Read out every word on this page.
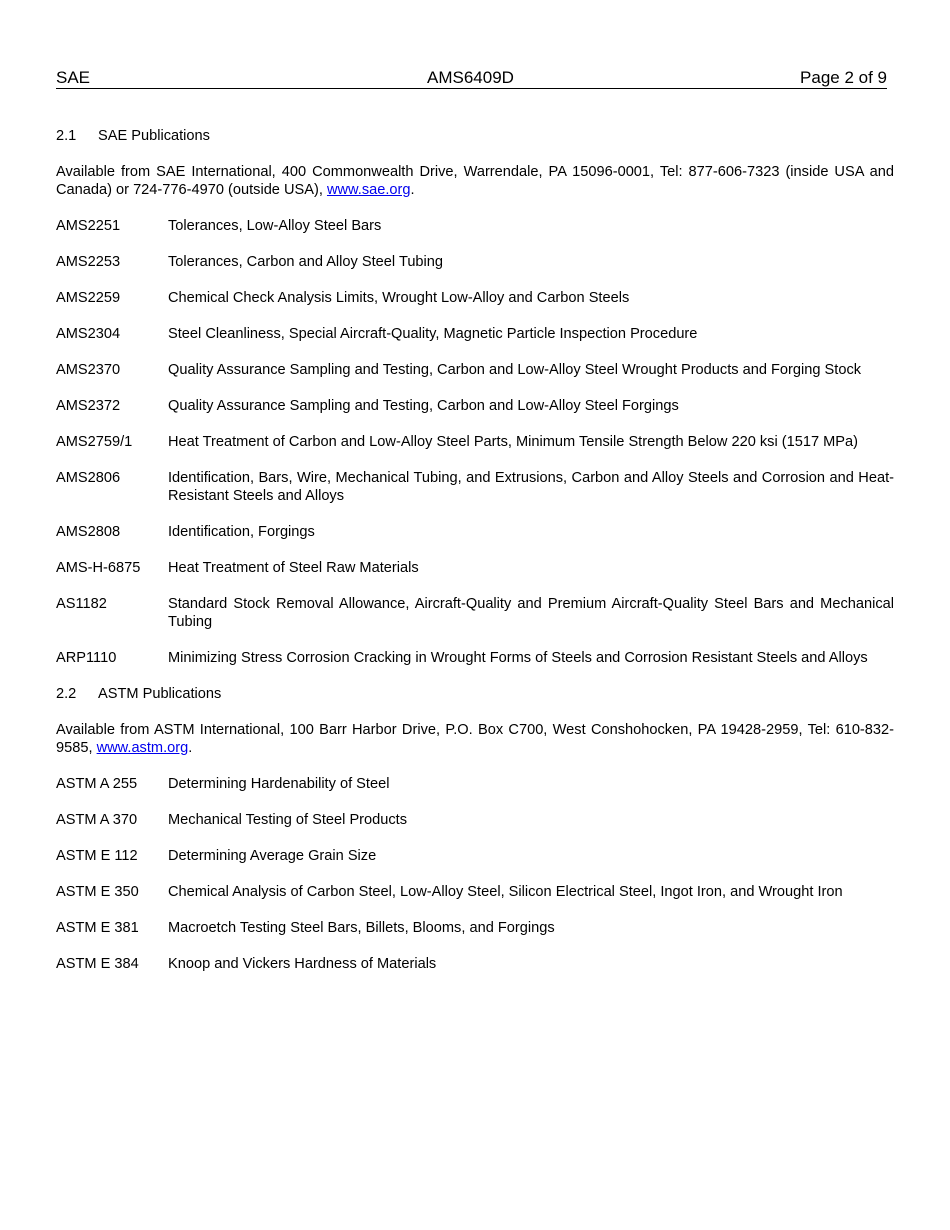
SAE	AMS6409D	Page 2 of 9
2.1 SAE Publications
Available from SAE International, 400 Commonwealth Drive, Warrendale, PA 15096-0001, Tel: 877-606-7323 (inside USA and Canada) or 724-776-4970 (outside USA), www.sae.org.
AMS2251	Tolerances, Low-Alloy Steel Bars
AMS2253	Tolerances, Carbon and Alloy Steel Tubing
AMS2259	Chemical Check Analysis Limits, Wrought Low-Alloy and Carbon Steels
AMS2304	Steel Cleanliness, Special Aircraft-Quality, Magnetic Particle Inspection Procedure
AMS2370	Quality Assurance Sampling and Testing, Carbon and Low-Alloy Steel Wrought Products and Forging Stock
AMS2372	Quality Assurance Sampling and Testing, Carbon and Low-Alloy Steel Forgings
AMS2759/1	Heat Treatment of Carbon and Low-Alloy Steel Parts, Minimum Tensile Strength Below 220 ksi (1517 MPa)
AMS2806	Identification, Bars, Wire, Mechanical Tubing, and Extrusions, Carbon and Alloy Steels and Corrosion and Heat-Resistant Steels and Alloys
AMS2808	Identification, Forgings
AMS-H-6875	Heat Treatment of Steel Raw Materials
AS1182	Standard Stock Removal Allowance, Aircraft-Quality and Premium Aircraft-Quality Steel Bars and Mechanical Tubing
ARP1110	Minimizing Stress Corrosion Cracking in Wrought Forms of Steels and Corrosion Resistant Steels and Alloys
2.2 ASTM Publications
Available from ASTM International, 100 Barr Harbor Drive, P.O. Box C700, West Conshohocken, PA 19428-2959, Tel: 610-832-9585, www.astm.org.
ASTM A 255	Determining Hardenability of Steel
ASTM A 370	Mechanical Testing of Steel Products
ASTM E 112	Determining Average Grain Size
ASTM E 350	Chemical Analysis of Carbon Steel, Low-Alloy Steel, Silicon Electrical Steel, Ingot Iron, and Wrought Iron
ASTM E 381	Macroetch Testing Steel Bars, Billets, Blooms, and Forgings
ASTM E 384	Knoop and Vickers Hardness of Materials
